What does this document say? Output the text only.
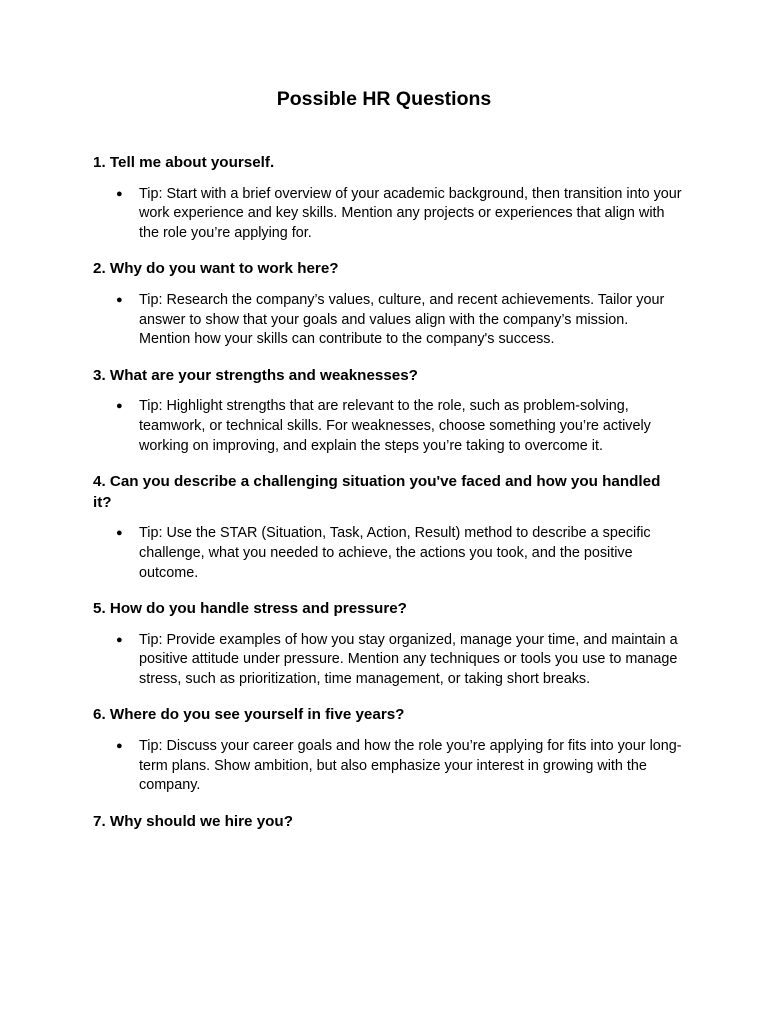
Possible HR Questions

1. Tell me about yourself.

● Tip: Start with a brief overview of your academic background, then transition into your work experience and key skills. Mention any projects or experiences that align with the role you’re applying for.

2. Why do you want to work here?

● Tip: Research the company’s values, culture, and recent achievements. Tailor your answer to show that your goals and values align with the company’s mission. Mention how your skills can contribute to the company's success.

3. What are your strengths and weaknesses?

● Tip: Highlight strengths that are relevant to the role, such as problem-solving, teamwork, or technical skills. For weaknesses, choose something you’re actively working on improving, and explain the steps you’re taking to overcome it.

4. Can you describe a challenging situation you've faced and how you handled it?

● Tip: Use the STAR (Situation, Task, Action, Result) method to describe a specific challenge, what you needed to achieve, the actions you took, and the positive outcome.

5. How do you handle stress and pressure?

● Tip: Provide examples of how you stay organized, manage your time, and maintain a positive attitude under pressure. Mention any techniques or tools you use to manage stress, such as prioritization, time management, or taking short breaks.

6. Where do you see yourself in five years?

● Tip: Discuss your career goals and how the role you’re applying for fits into your long-term plans. Show ambition, but also emphasize your interest in growing with the company.

7. Why should we hire you?
